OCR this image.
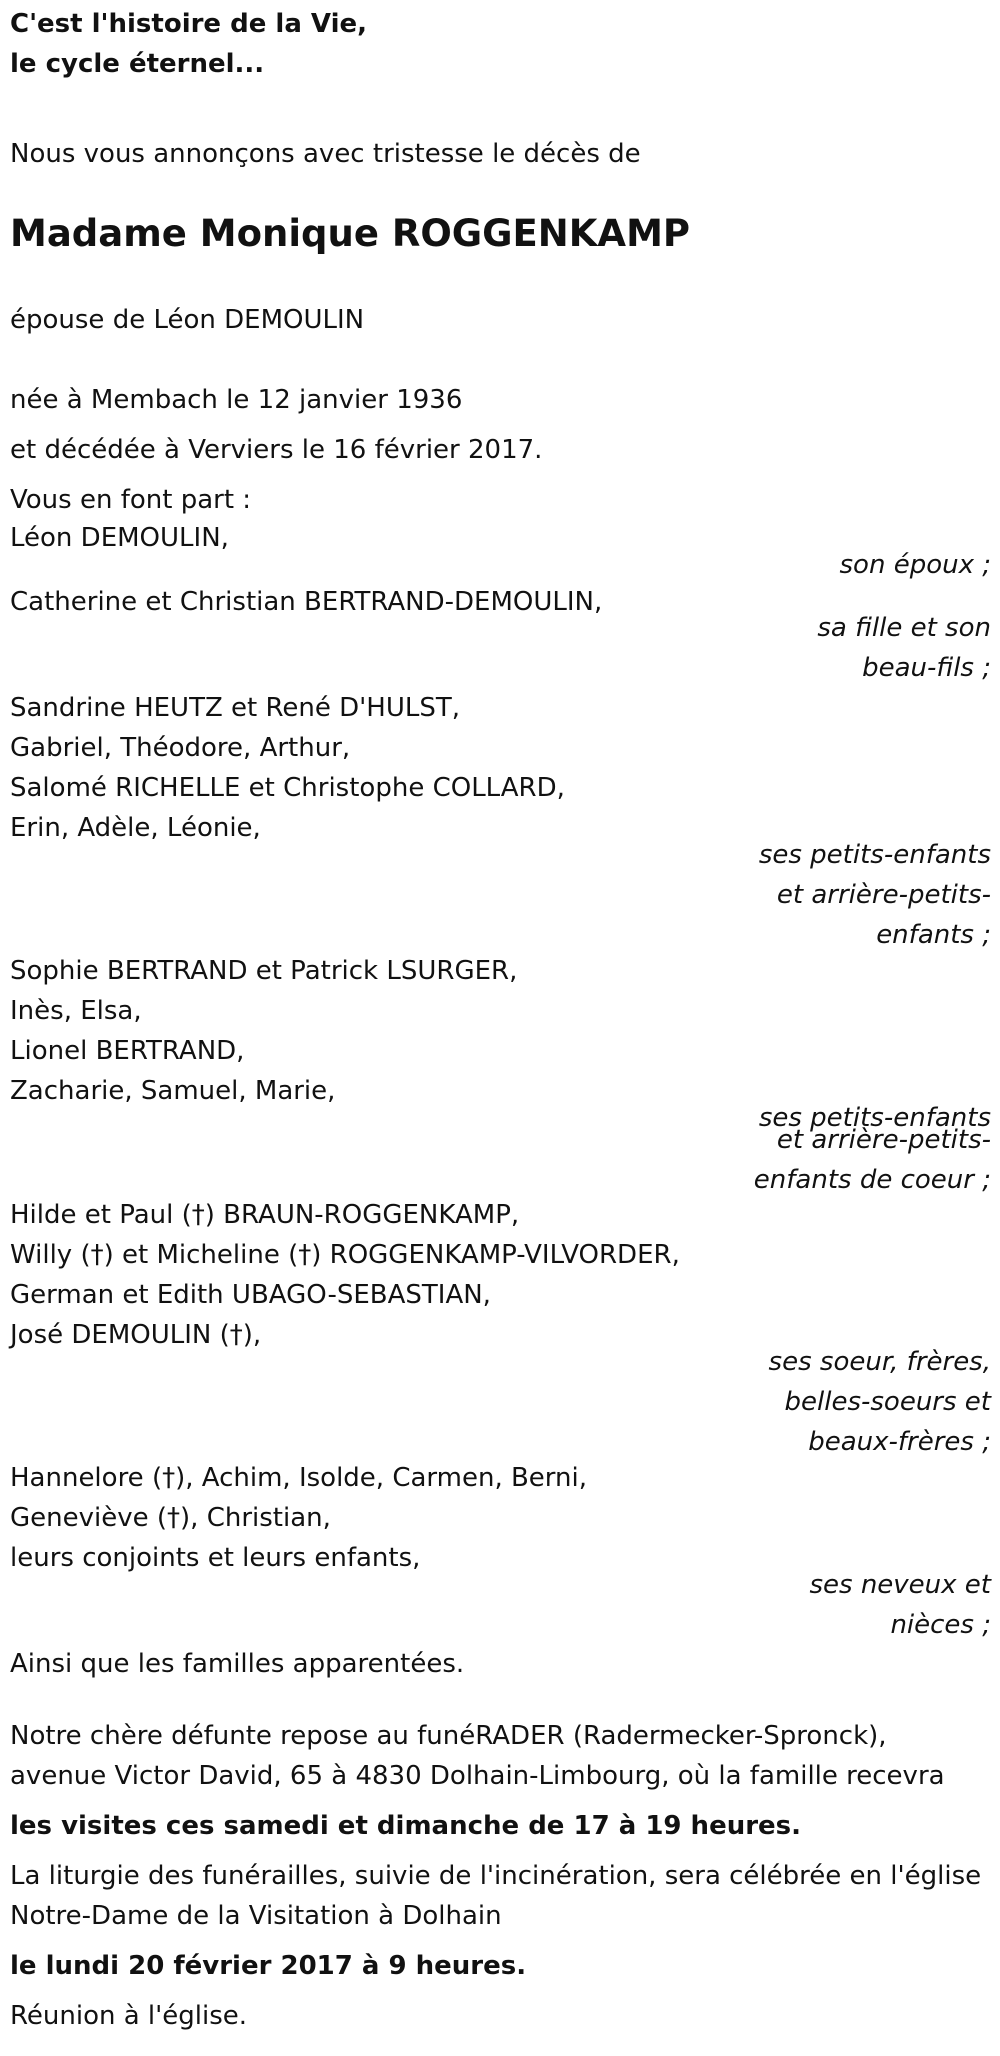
C'est l'histoire de la Vie,
le cycle éternel...
Nous vous annonçons avec tristesse le décès de
Madame Monique ROGGENKAMP
épouse de Léon DEMOULIN
née à Membach le 12 janvier 1936
et décédée à Verviers le 16 février 2017.
Vous en font part :
Léon DEMOULIN,
son époux ;
Catherine et Christian BERTRAND-DEMOULIN,
sa fille et son
beau-fils ;
Sandrine HEUTZ et René D'HULST,
Gabriel, Théodore, Arthur,
Salomé RICHELLE et Christophe COLLARD,
Erin, Adèle, Léonie,
ses petits-enfants
et arrière-petits-
enfants ;
Sophie BERTRAND et Patrick LSURGER,
Inès, Elsa,
Lionel BERTRAND,
Zacharie, Samuel, Marie,
ses petits-enfants
et arrière-petits-
enfants de coeur ;
Hilde et Paul (†) BRAUN-ROGGENKAMP,
Willy (†) et Micheline (†) ROGGENKAMP-VILVORDER,
German et Edith UBAGO-SEBASTIAN,
José DEMOULIN (†),
ses soeur, frères,
belles-soeurs et
beaux-frères ;
Hannelore (†), Achim, Isolde, Carmen, Berni,
Geneviève (†), Christian,
leurs conjoints et leurs enfants,
ses neveux et
nièces ;
Ainsi que les familles apparentées.
Notre chère défunte repose au funéRADER (Radermecker-Spronck),
avenue Victor David, 65 à 4830 Dolhain-Limbourg, où la famille recevra
les visites ces samedi et dimanche de 17 à 19 heures.
La liturgie des funérailles, suivie de l'incinération, sera célébrée en l'église
Notre-Dame de la Visitation à Dolhain
le lundi 20 février 2017 à 9 heures.
Réunion à l'église.
